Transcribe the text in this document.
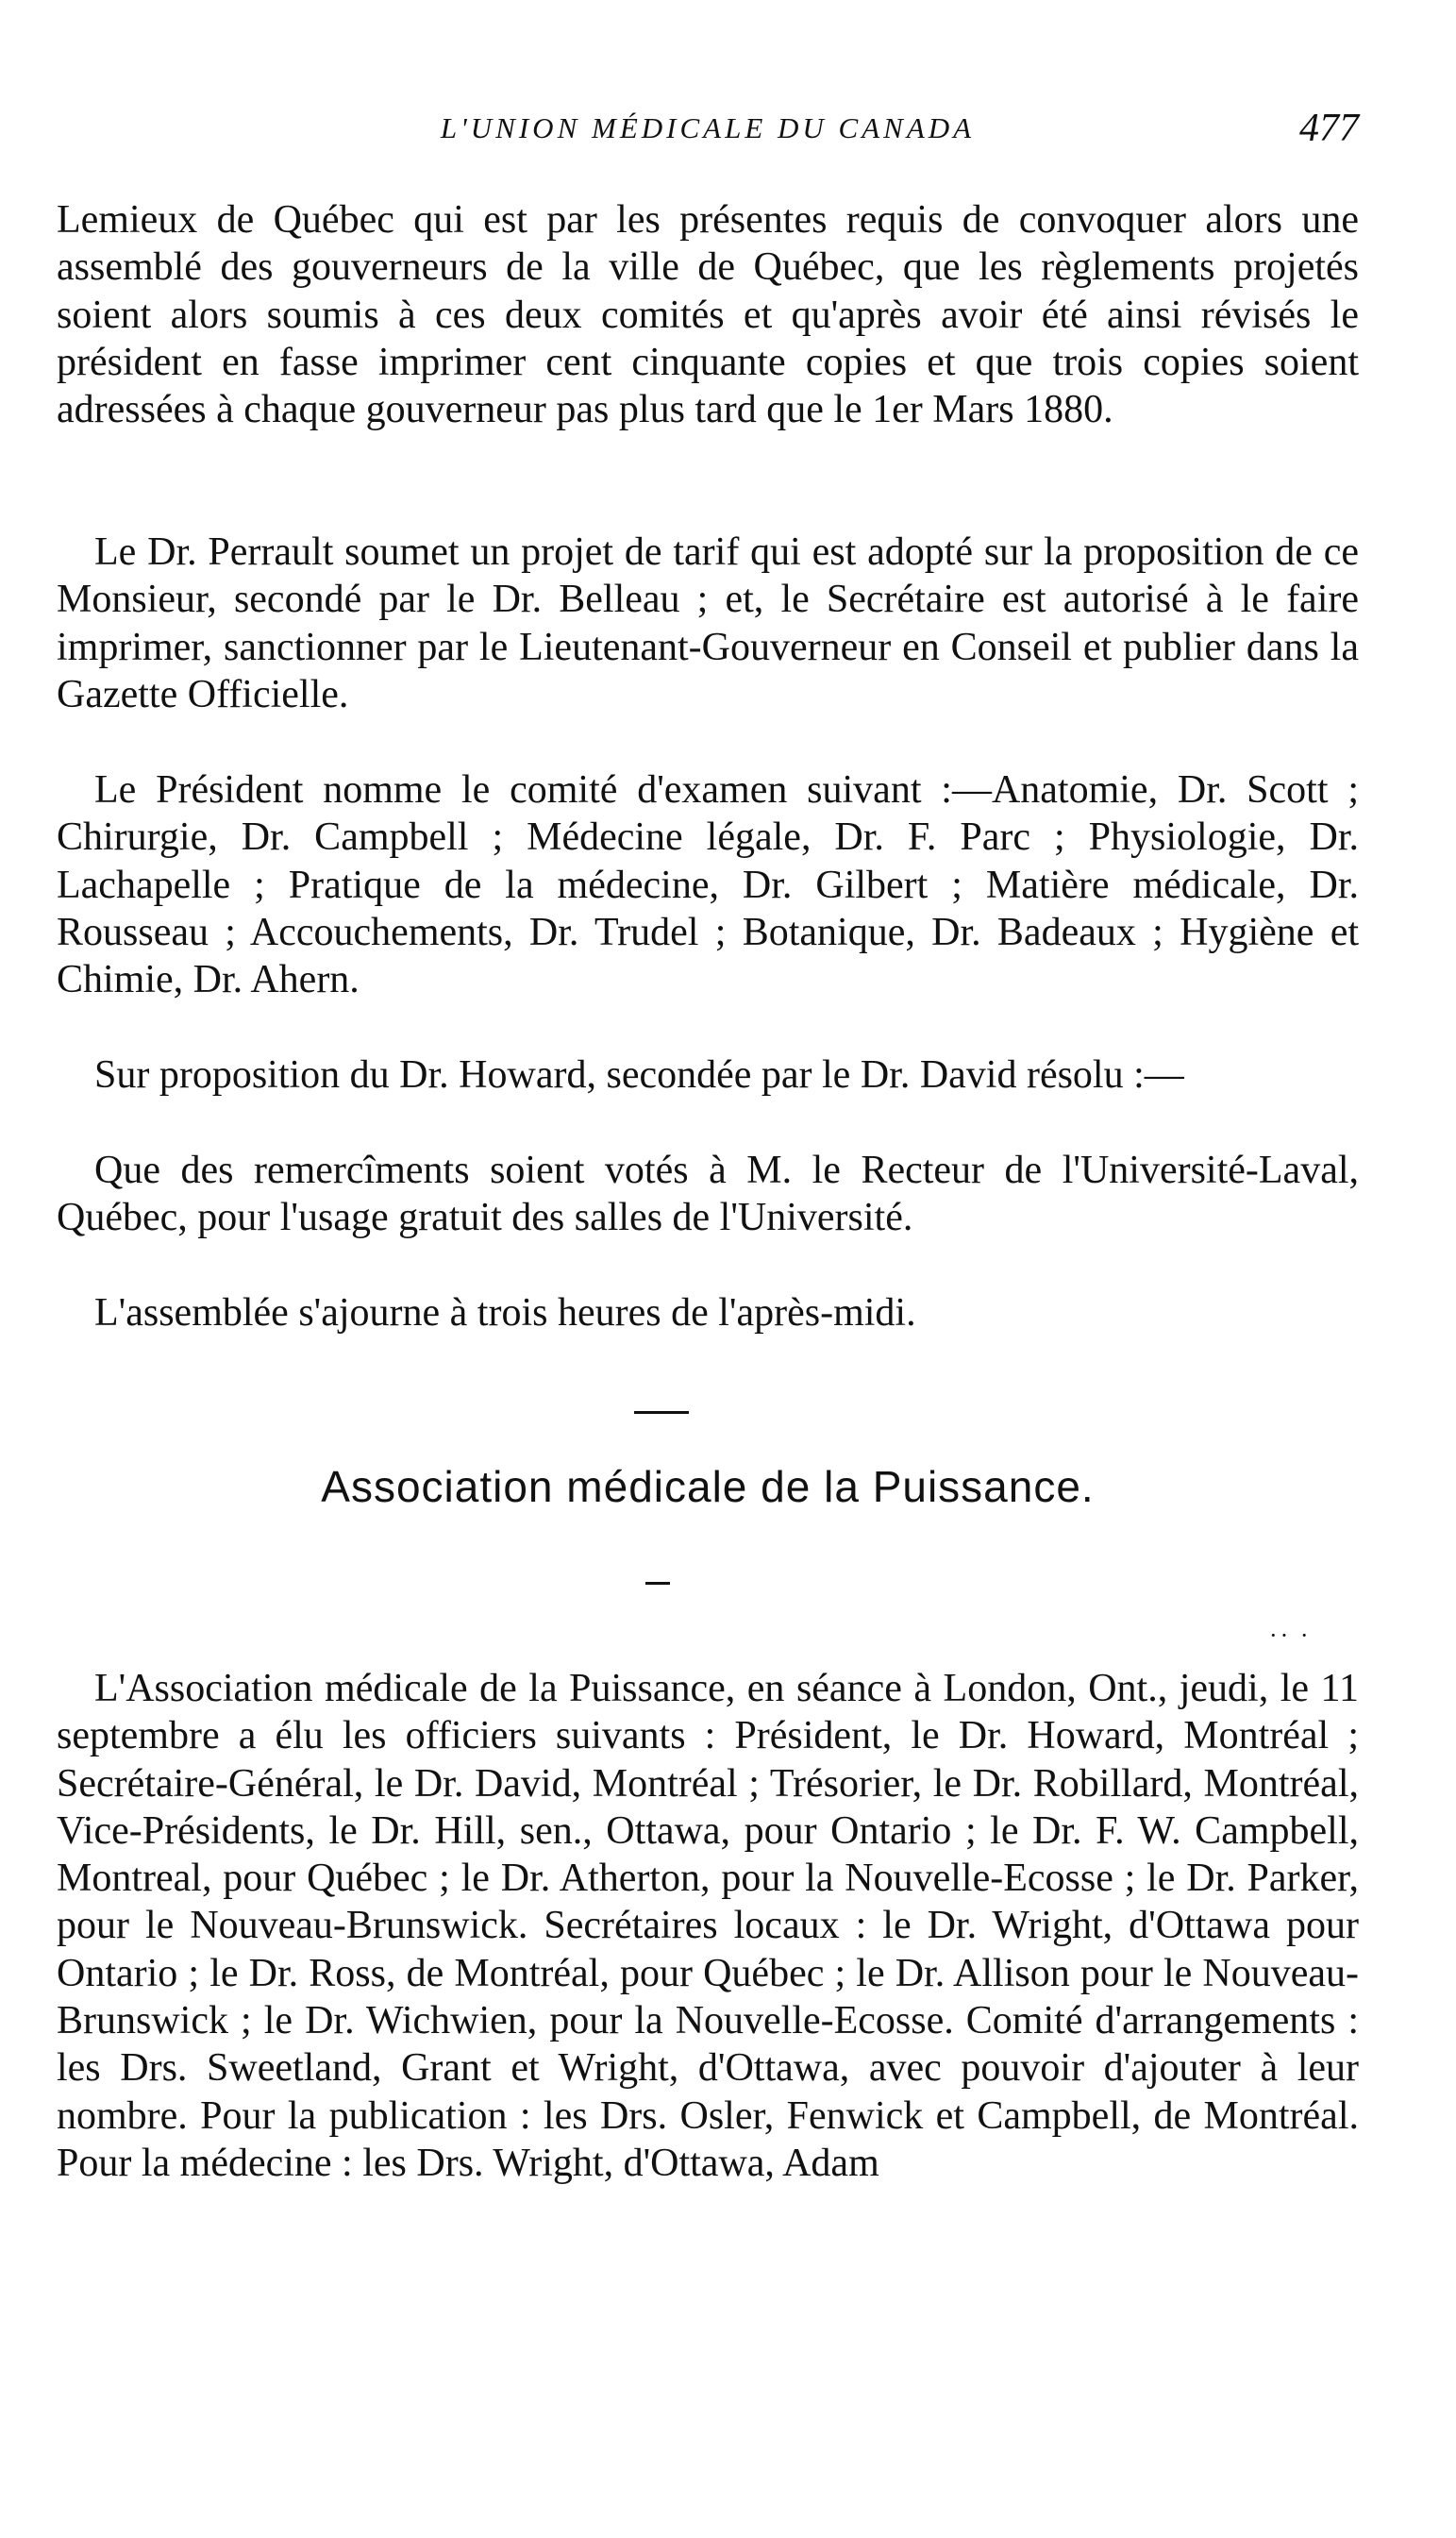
L'UNION MÉDICALE DU CANADA	477

Lemieux de Québec qui est par les présentes requis de convoquer alors une assemblé des gouverneurs de la ville de Québec, que les règlements projetés soient alors soumis à ces deux comités et qu'après avoir été ainsi révisés le président en fasse imprimer cent cinquante copies et que trois copies soient adressées à chaque gouverneur pas plus tard que le 1er Mars 1880.

Le Dr. Perrault soumet un projet de tarif qui est adopté sur la proposition de ce Monsieur, secondé par le Dr. Belleau ; et, le Secrétaire est autorisé à le faire imprimer, sanctionner par le Lieutenant-Gouverneur en Conseil et publier dans la Gazette Officielle.

Le Président nomme le comité d'examen suivant :—Anatomie, Dr. Scott ; Chirurgie, Dr. Campbell ; Médecine légale, Dr. F. Parc ; Physiologie, Dr. Lachapelle ; Pratique de la médecine, Dr. Gilbert ; Matière médicale, Dr. Rousseau ; Accouchements, Dr. Trudel ; Botanique, Dr. Badeaux ; Hygiène et Chimie, Dr. Ahern.

Sur proposition du Dr. Howard, secondée par le Dr. David résolu :—

Que des remercîments soient votés à M. le Recteur de l'Université-Laval, Québec, pour l'usage gratuit des salles de l'Université.

L'assemblée s'ajourne à trois heures de l'après-midi.

Association médicale de la Puissance.
·· ·

L'Association médicale de la Puissance, en séance à London, Ont., jeudi, le 11 septembre a élu les officiers suivants : Président, le Dr. Howard, Montréal ; Secrétaire-Général, le Dr. David, Montréal ; Trésorier, le Dr. Robillard, Montréal, Vice-Présidents, le Dr. Hill, sen., Ottawa, pour Ontario ; le Dr. F. W. Campbell, Montreal, pour Québec ; le Dr. Atherton, pour la Nouvelle-Ecosse ; le Dr. Parker, pour le Nouveau-Brunswick. Secrétaires locaux : le Dr. Wright, d'Ottawa pour Ontario ; le Dr. Ross, de Montréal, pour Québec ; le Dr. Allison pour le Nouveau-Brunswick ; le Dr. Wichwien, pour la Nouvelle-Ecosse. Comité d'arrangements : les Drs. Sweetland, Grant et Wright, d'Ottawa, avec pouvoir d'ajouter à leur nombre. Pour la publication : les Drs. Osler, Fenwick et Campbell, de Montréal. Pour la médecine : les Drs. Wright, d'Ottawa, Adam
